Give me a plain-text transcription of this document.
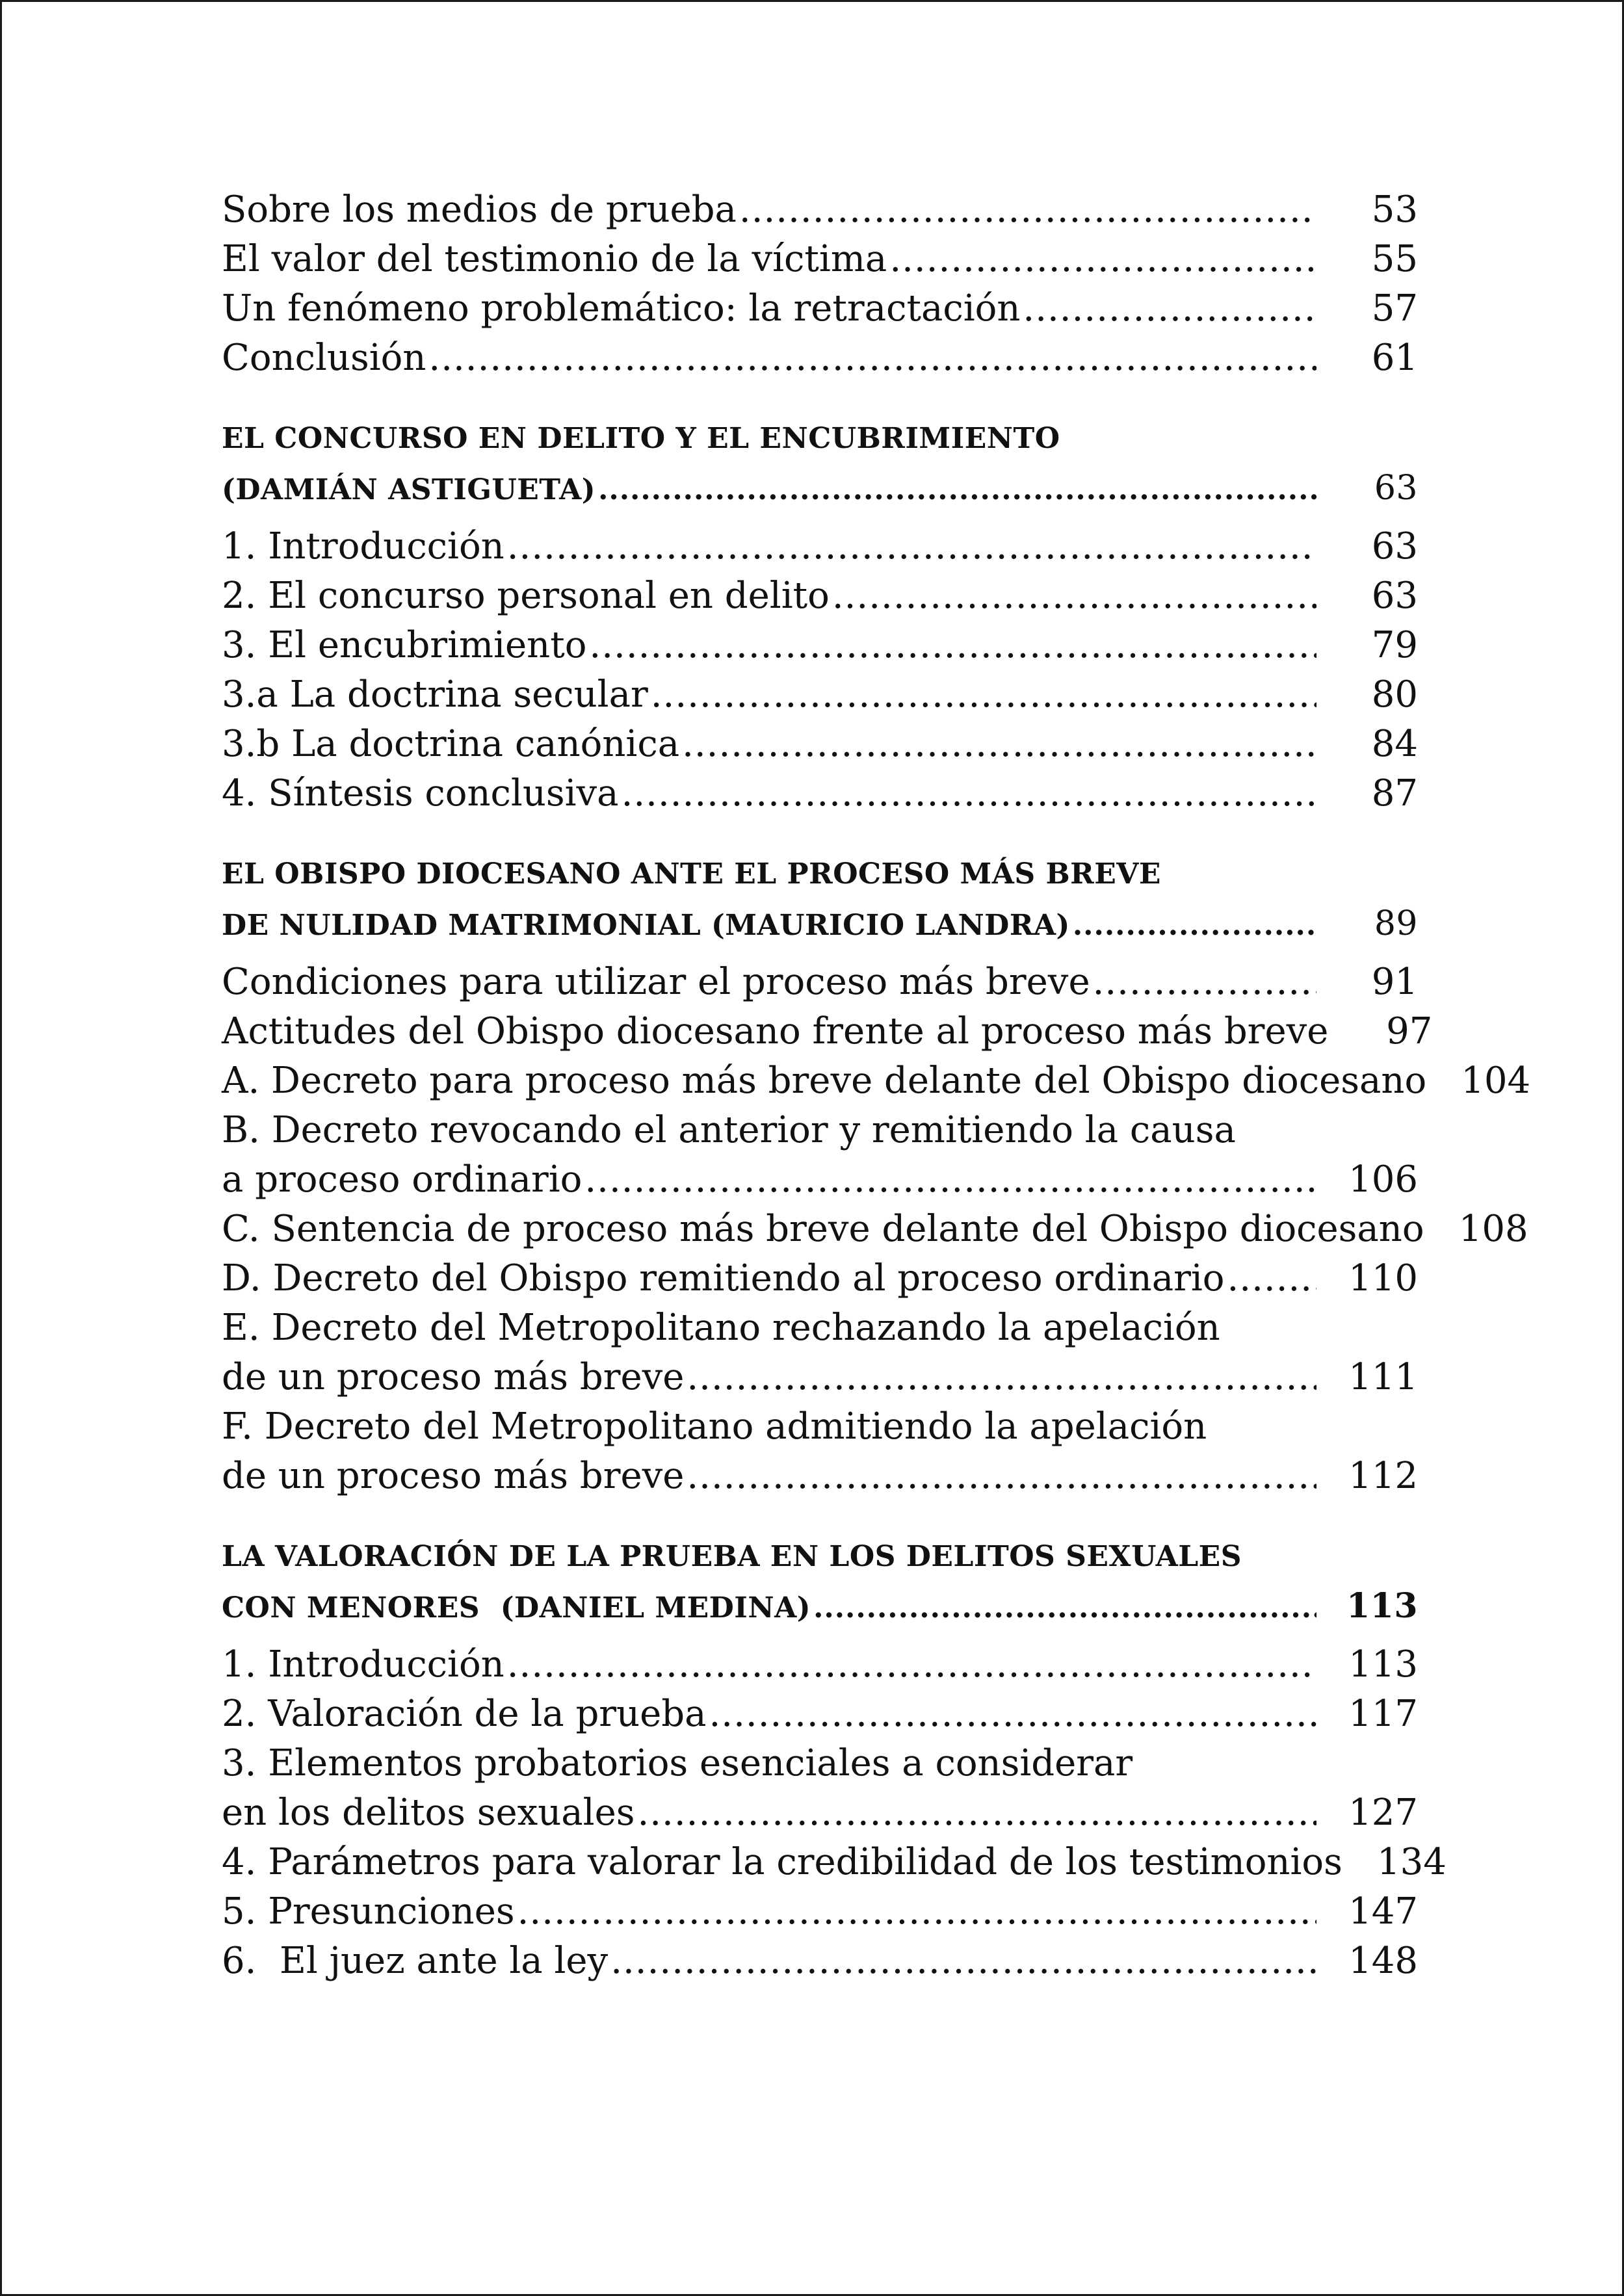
Sobre los medios de prueba .....	53
El valor del testimonio de la víctima .....	55
Un fenómeno problemático: la retractación .....	57
Conclusión .....	61
EL CONCURSO EN DELITO Y EL ENCUBRIMIENTO
(DAMIÁN ASTIGUETA) .....	63
1. Introducción .....	63
2. El concurso personal en delito .....	63
3. El encubrimiento .....	79
3.a La doctrina secular .....	80
3.b La doctrina canónica .....	84
4. Síntesis conclusiva .....	87
EL OBISPO DIOCESANO ANTE EL PROCESO MÁS BREVE
DE NULIDAD MATRIMONIAL (MAURICIO LANDRA) .....	89
Condiciones para utilizar el proceso más breve .....	91
Actitudes del Obispo diocesano frente al proceso más breve	97
A. Decreto para proceso más breve delante del Obispo diocesano 104
B. Decreto revocando el anterior y remitiendo la causa
a proceso ordinario .....	106
C. Sentencia de proceso más breve delante del Obispo diocesano 108
D. Decreto del Obispo remitiendo al proceso ordinario .....	110
E. Decreto del Metropolitano rechazando la apelación
de un proceso más breve .....	111
F. Decreto del Metropolitano admitiendo la apelación
de un proceso más breve .....	112
LA VALORACIÓN DE LA PRUEBA EN LOS DELITOS SEXUALES
CON MENORES  (DANIEL MEDINA) .....	113
1. Introducción .....	113
2. Valoración de la prueba .....	117
3. Elementos probatorios esenciales a considerar
en los delitos sexuales .....	127
4. Parámetros para valorar la credibilidad de los testimonios 134
5. Presunciones .....	147
6.  El juez ante la ley .....	148
